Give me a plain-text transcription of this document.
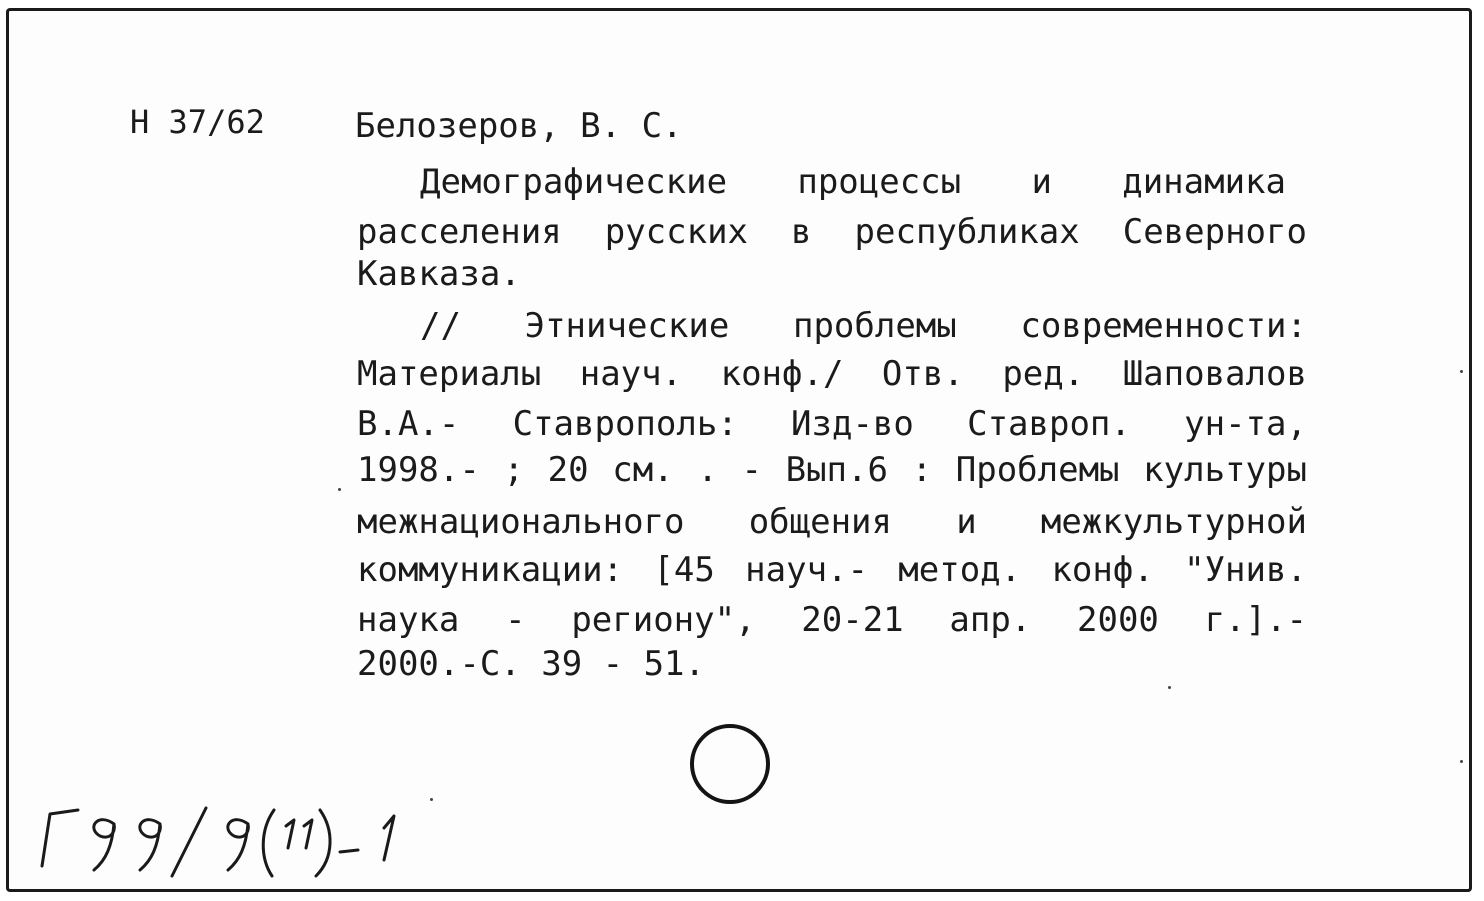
Н 37/62	Белозеров, В. С.
Демографические процессы и динамика
расселения русских в республиках Северного
Кавказа.
// Этнические проблемы современности:
Материалы науч. конф./ Отв. ред. Шаповалов
В.А.- Ставрополь: Изд-во Ставроп. ун-та,
1998.- ; 20 см. . - Вып.6 : Проблемы культуры
межнационального общения и межкультурной
коммуникации: [45 науч.- метод. конф. "Унив.
наука - региону", 20-21 апр. 2000 г.].-
2000.-С. 39 - 51.
